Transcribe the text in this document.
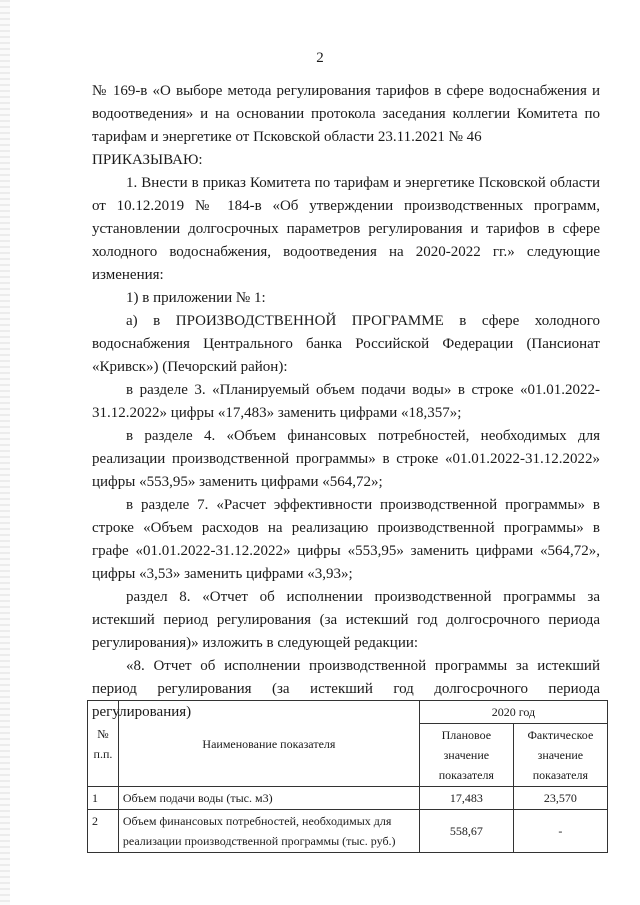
2

№ 169-в «О выборе метода регулирования тарифов в сфере водоснабжения и водоотведения» и на основании протокола заседания коллегии Комитета по тарифам и энергетике от Псковской области 23.11.2021 № 46

ПРИКАЗЫВАЮ:

1. Внести в приказ Комитета по тарифам и энергетике Псковской области от 10.12.2019 № 184-в «Об утверждении производственных программ, установлении долгосрочных параметров регулирования и тарифов в сфере холодного водоснабжения, водоотведения на 2020-2022 гг.» следующие изменения:

1) в приложении № 1:

а) в ПРОИЗВОДСТВЕННОЙ ПРОГРАММЕ в сфере холодного водоснабжения Центрального банка Российской Федерации (Пансионат «Кривск») (Печорский район):

в разделе 3. «Планируемый объем подачи воды» в строке «01.01.2022-31.12.2022» цифры «17,483» заменить цифрами «18,357»;

в разделе 4. «Объем финансовых потребностей, необходимых для реализации производственной программы» в строке «01.01.2022-31.12.2022» цифры «553,95» заменить цифрами «564,72»;

в разделе 7. «Расчет эффективности производственной программы» в строке «Объем расходов на реализацию производственной программы» в графе «01.01.2022-31.12.2022» цифры «553,95» заменить цифрами «564,72», цифры «3,53» заменить цифрами «3,93»;

раздел 8. «Отчет об исполнении производственной программы за истекший период регулирования (за истекший год долгосрочного периода регулирования)» изложить в следующей редакции:

«8. Отчет об исполнении производственной программы за истекший период регулирования (за истекший год долгосрочного периода регулирования)

№ п.п.	Наименование показателя	2020 год	
		Плановое значение показателя	Фактическое значение показателя
1	Объем подачи воды (тыс. м3)	17,483	23,570
2	Объем финансовых потребностей, необходимых для реализации производственной программы (тыс. руб.)	558,67	-
